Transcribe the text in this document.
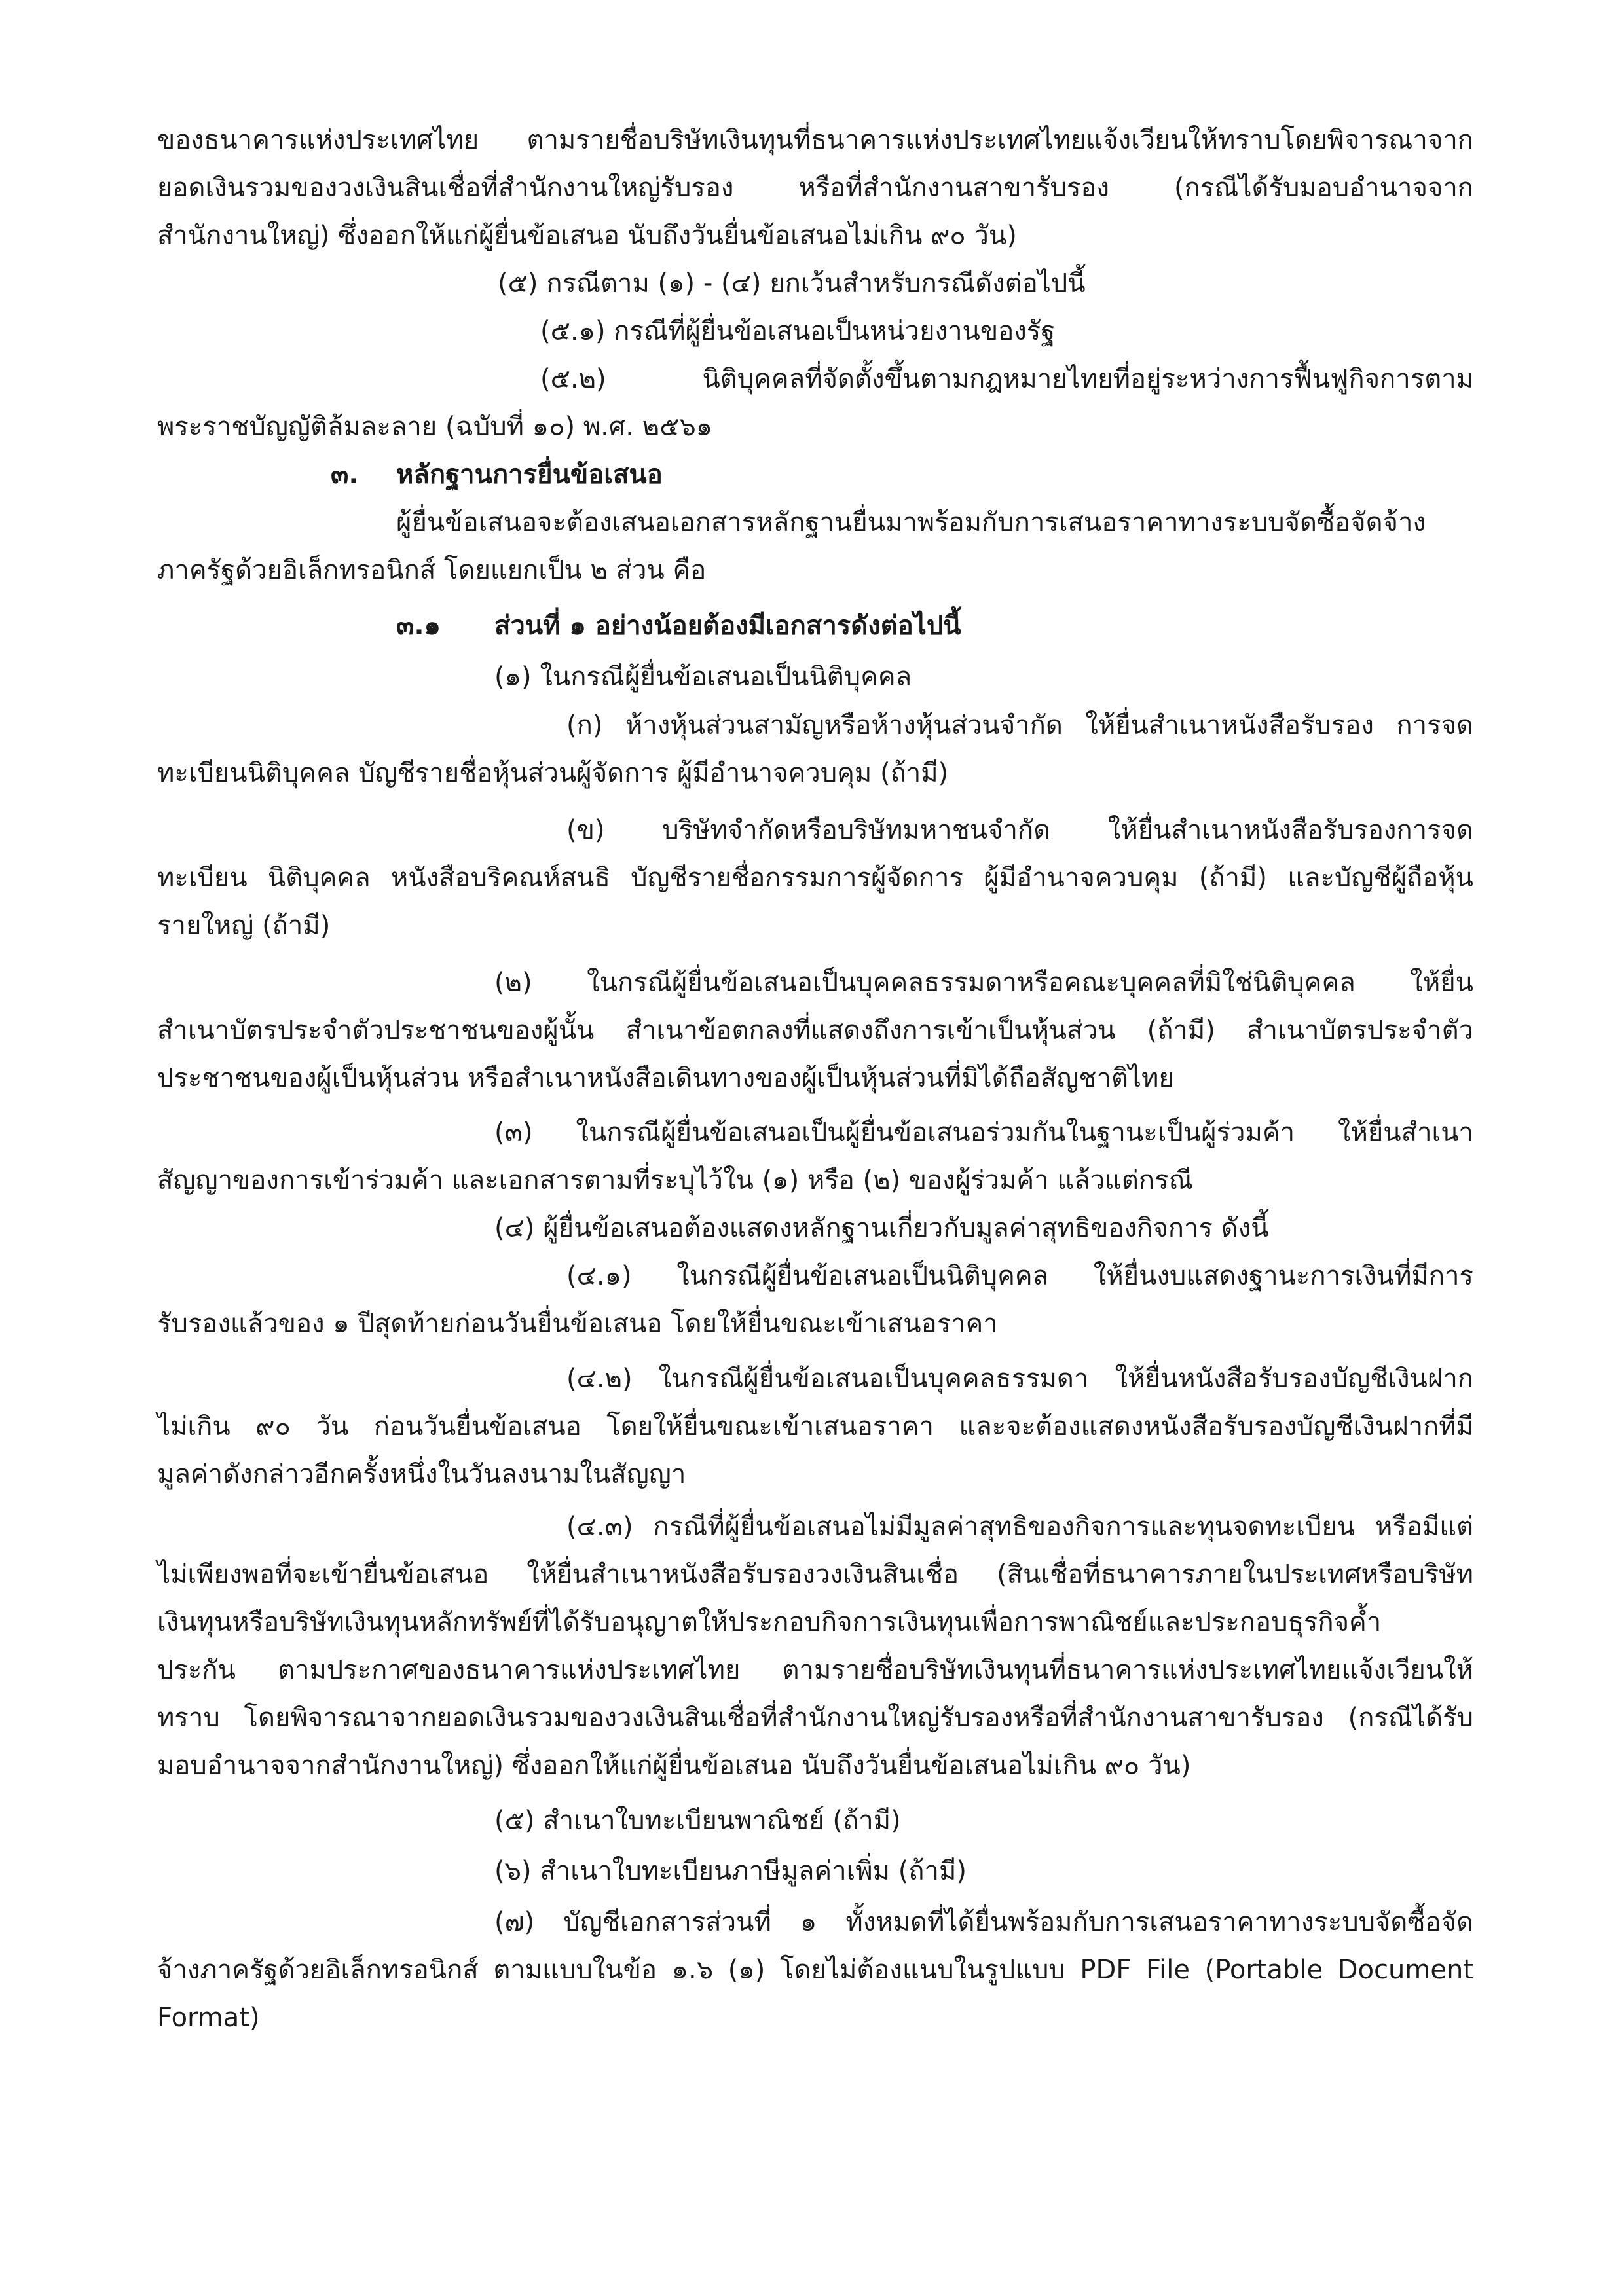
ของธนาคารแห่งประเทศไทย ตามรายชื่อบริษัทเงินทุนที่ธนาคารแห่งประเทศไทยแจ้งเวียนให้ทราบโดยพิจารณาจาก
ยอดเงินรวมของวงเงินสินเชื่อที่สำนักงานใหญ่รับรอง หรือที่สำนักงานสาขารับรอง (กรณีได้รับมอบอำนาจจาก
สำนักงานใหญ่) ซึ่งออกให้แก่ผู้ยื่นข้อเสนอ นับถึงวันยื่นข้อเสนอไม่เกิน ๙๐ วัน)
(๕) กรณีตาม (๑) - (๔) ยกเว้นสำหรับกรณีดังต่อไปนี้
(๕.๑) กรณีที่ผู้ยื่นข้อเสนอเป็นหน่วยงานของรัฐ
(๕.๒) นิติบุคคลที่จัดตั้งขึ้นตามกฎหมายไทยที่อยู่ระหว่างการฟื้นฟูกิจการตาม
พระราชบัญญัติล้มละลาย (ฉบับที่ ๑๐) พ.ศ. ๒๕๖๑
๓. หลักฐานการยื่นข้อเสนอ
ผู้ยื่นข้อเสนอจะต้องเสนอเอกสารหลักฐานยื่นมาพร้อมกับการเสนอราคาทางระบบจัดซื้อจัดจ้าง
ภาครัฐด้วยอิเล็กทรอนิกส์ โดยแยกเป็น ๒ ส่วน คือ
๓.๑ ส่วนที่ ๑ อย่างน้อยต้องมีเอกสารดังต่อไปนี้
(๑) ในกรณีผู้ยื่นข้อเสนอเป็นนิติบุคคล
(ก) ห้างหุ้นส่วนสามัญหรือห้างหุ้นส่วนจำกัด ให้ยื่นสำเนาหนังสือรับรอง การจด
ทะเบียนนิติบุคคล บัญชีรายชื่อหุ้นส่วนผู้จัดการ ผู้มีอำนาจควบคุม (ถ้ามี)
(ข) บริษัทจำกัดหรือบริษัทมหาชนจำกัด ให้ยื่นสำเนาหนังสือรับรองการจด
ทะเบียน นิติบุคคล หนังสือบริคณห์สนธิ บัญชีรายชื่อกรรมการผู้จัดการ ผู้มีอำนาจควบคุม (ถ้ามี) และบัญชีผู้ถือหุ้น
รายใหญ่ (ถ้ามี)
(๒) ในกรณีผู้ยื่นข้อเสนอเป็นบุคคลธรรมดาหรือคณะบุคคลที่มิใช่นิติบุคคล ให้ยื่น
สำเนาบัตรประจำตัวประชาชนของผู้นั้น สำเนาข้อตกลงที่แสดงถึงการเข้าเป็นหุ้นส่วน (ถ้ามี) สำเนาบัตรประจำตัว
ประชาชนของผู้เป็นหุ้นส่วน หรือสำเนาหนังสือเดินทางของผู้เป็นหุ้นส่วนที่มิได้ถือสัญชาติไทย
(๓) ในกรณีผู้ยื่นข้อเสนอเป็นผู้ยื่นข้อเสนอร่วมกันในฐานะเป็นผู้ร่วมค้า ให้ยื่นสำเนา
สัญญาของการเข้าร่วมค้า และเอกสารตามที่ระบุไว้ใน (๑) หรือ (๒) ของผู้ร่วมค้า แล้วแต่กรณี
(๔) ผู้ยื่นข้อเสนอต้องแสดงหลักฐานเกี่ยวกับมูลค่าสุทธิของกิจการ ดังนี้
(๔.๑) ในกรณีผู้ยื่นข้อเสนอเป็นนิติบุคคล ให้ยื่นงบแสดงฐานะการเงินที่มีการ
รับรองแล้วของ ๑ ปีสุดท้ายก่อนวันยื่นข้อเสนอ โดยให้ยื่นขณะเข้าเสนอราคา
(๔.๒) ในกรณีผู้ยื่นข้อเสนอเป็นบุคคลธรรมดา ให้ยื่นหนังสือรับรองบัญชีเงินฝาก
ไม่เกิน ๙๐ วัน ก่อนวันยื่นข้อเสนอ โดยให้ยื่นขณะเข้าเสนอราคา และจะต้องแสดงหนังสือรับรองบัญชีเงินฝากที่มี
มูลค่าดังกล่าวอีกครั้งหนึ่งในวันลงนามในสัญญา
(๔.๓) กรณีที่ผู้ยื่นข้อเสนอไม่มีมูลค่าสุทธิของกิจการและทุนจดทะเบียน หรือมีแต่
ไม่เพียงพอที่จะเข้ายื่นข้อเสนอ ให้ยื่นสำเนาหนังสือรับรองวงเงินสินเชื่อ (สินเชื่อที่ธนาคารภายในประเทศหรือบริษัท
เงินทุนหรือบริษัทเงินทุนหลักทรัพย์ที่ได้รับอนุญาตให้ประกอบกิจการเงินทุนเพื่อการพาณิชย์และประกอบธุรกิจค้ำ
ประกัน ตามประกาศของธนาคารแห่งประเทศไทย ตามรายชื่อบริษัทเงินทุนที่ธนาคารแห่งประเทศไทยแจ้งเวียนให้
ทราบ โดยพิจารณาจากยอดเงินรวมของวงเงินสินเชื่อที่สำนักงานใหญ่รับรองหรือที่สำนักงานสาขารับรอง (กรณีได้รับ
มอบอำนาจจากสำนักงานใหญ่) ซึ่งออกให้แก่ผู้ยื่นข้อเสนอ นับถึงวันยื่นข้อเสนอไม่เกิน ๙๐ วัน)
(๕) สำเนาใบทะเบียนพาณิชย์ (ถ้ามี)
(๖) สำเนาใบทะเบียนภาษีมูลค่าเพิ่ม (ถ้ามี)
(๗) บัญชีเอกสารส่วนที่ ๑ ทั้งหมดที่ได้ยื่นพร้อมกับการเสนอราคาทางระบบจัดซื้อจัด
จ้างภาครัฐด้วยอิเล็กทรอนิกส์ ตามแบบในข้อ ๑.๖ (๑) โดยไม่ต้องแนบในรูปแบบ PDF File (Portable Document
Format)
